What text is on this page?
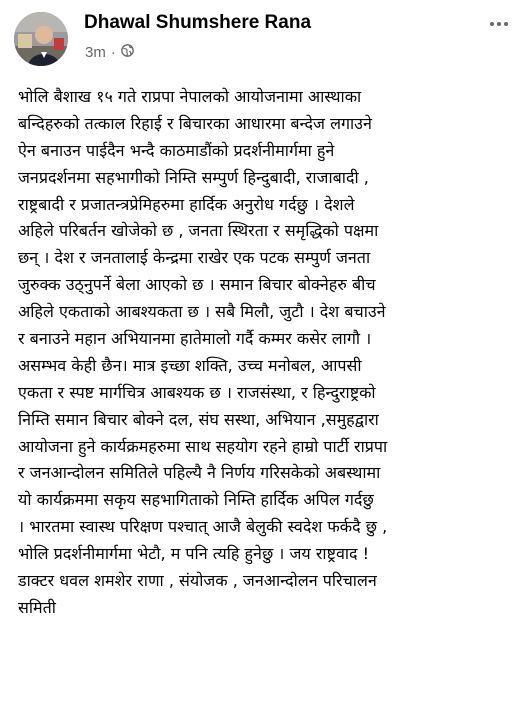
Dhawal Shumshere Rana
3m ·
भोलि बैशाख १५ गते राप्रपा नेपालको आयोजनामा आस्थाका
बन्दिहरुको तत्काल रिहाई र बिचारका आधारमा बन्देज लगाउने
ऐन बनाउन पाईदैन भन्दै काठमाडौंको प्रदर्शनीमार्गमा हुने
जनप्रदर्शनमा सहभागीको निम्ति सम्पुर्ण हिन्दुबादी, राजाबादी ,
राष्ट्रबादी र प्रजातन्त्रप्रेमिहरुमा हार्दिक अनुरोध गर्दछु । देशले
अहिले परिबर्तन खोजेको छ , जनता स्थिरता र समृद्धिको पक्षमा
छन् । देश र जनतालाई केन्द्रमा राखेर एक पटक सम्पुर्ण जनता
जुरुक्क उठ्नुपर्ने बेला आएको छ । समान बिचार बोक्नेहरु बीच
अहिले एकताको आबश्यकता छ । सबै मिलौ, जुटौ । देश बचाउने
र बनाउने महान अभियानमा हातेमालो गर्दै कम्मर कसेर लागौ ।
असम्भव केही छैन। मात्र इच्छा शक्ति, उच्च मनोबल, आपसी
एकता र स्पष्ट मार्गचित्र आबश्यक छ । राजसंस्था, र हिन्दुराष्ट्रको
निम्ति समान बिचार बोक्ने दल, संघ सस्था, अभियान ,समुहद्वारा
आयोजना हुने कार्यक्रमहरुमा साथ सहयोग रहने हाम्रो पार्टी राप्रपा
र जनआन्दोलन समितिले पहिल्यै नै निर्णय गरिसकेको अबस्थामा
यो कार्यक्रममा सकृय सहभागिताको निम्ति हार्दिक अपिल गर्दछु
। भारतमा स्वास्थ परिक्षण पश्चात् आजै बेलुकी स्वदेश फर्कदै छु ,
भोलि प्रदर्शनीमार्गमा भेटौ, म पनि त्यहि हुनेछु । जय राष्ट्रवाद !
डाक्टर धवल शमशेर राणा , संयोजक , जनआन्दोलन परिचालन
समिती
